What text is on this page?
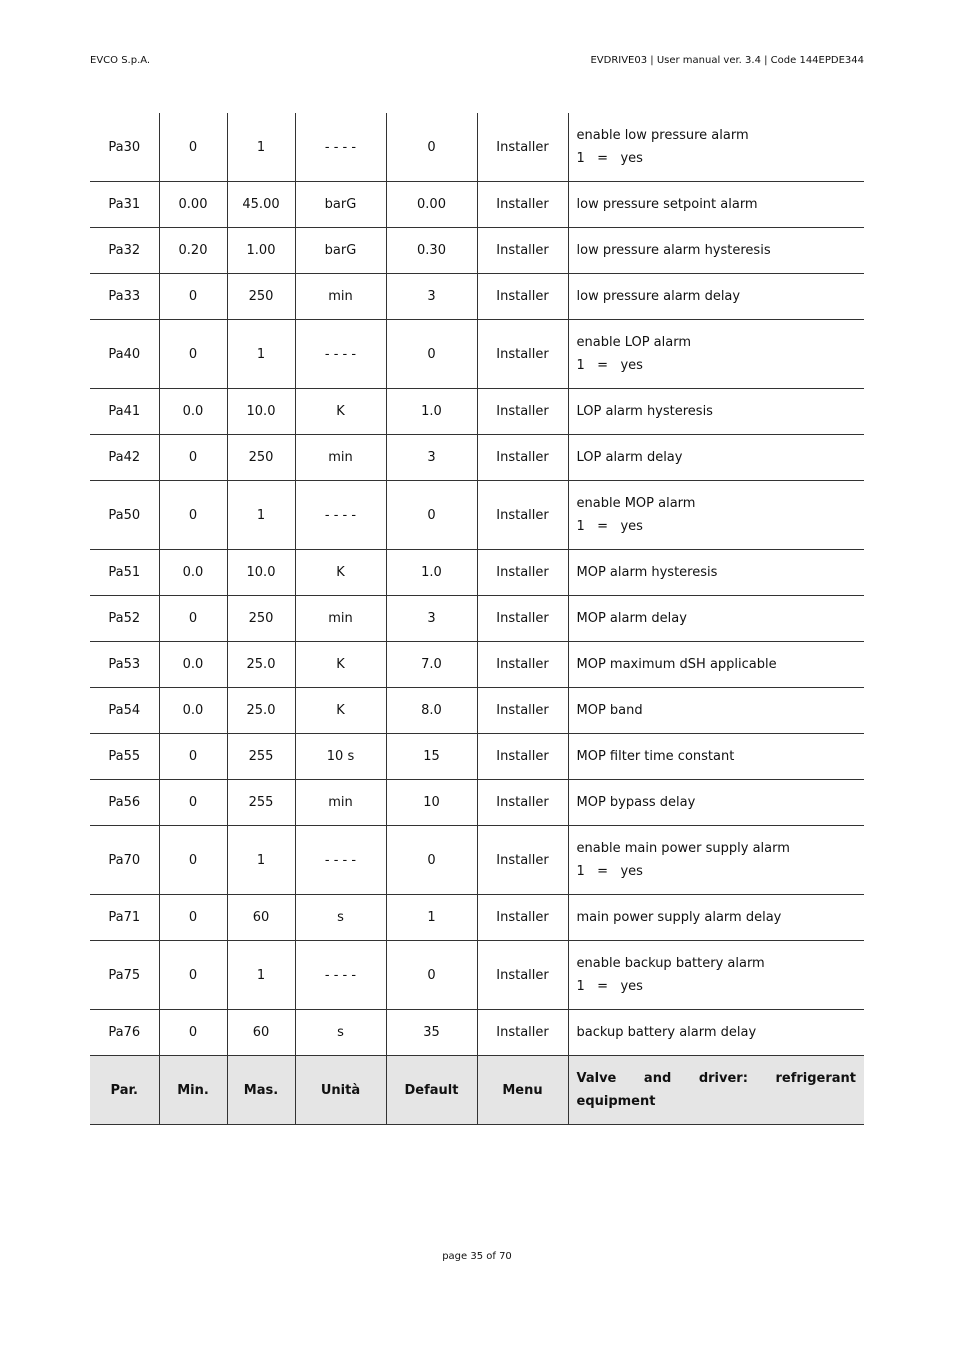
EVCO S.p.A.	EVDRIVE03 | User manual ver. 3.4 | Code 144EPDE344
Pa30	0	1	- - - -	0	Installer	enable low pressure alarm
1   =   yes

Pa31	0.00	45.00	barG	0.00	Installer	low pressure setpoint alarm

Pa32	0.20	1.00	barG	0.30	Installer	low pressure alarm hysteresis

Pa33	0	250	min	3	Installer	low pressure alarm delay

Pa40	0	1	- - - -	0	Installer	enable LOP alarm
1   =   yes

Pa41	0.0	10.0	K	1.0	Installer	LOP alarm hysteresis

Pa42	0	250	min	3	Installer	LOP alarm delay

Pa50	0	1	- - - -	0	Installer	enable MOP alarm
1   =   yes

Pa51	0.0	10.0	K	1.0	Installer	MOP alarm hysteresis

Pa52	0	250	min	3	Installer	MOP alarm delay

Pa53	0.0	25.0	K	7.0	Installer	MOP maximum dSH applicable

Pa54	0.0	25.0	K	8.0	Installer	MOP band

Pa55	0	255	10 s	15	Installer	MOP filter time constant

Pa56	0	255	min	10	Installer	MOP bypass delay

Pa70	0	1	- - - -	0	Installer	enable main power supply alarm
1   =   yes

Pa71	0	60	s	1	Installer	main power supply alarm delay

Pa75	0	1	- - - -	0	Installer	enable backup battery alarm
1   =   yes

Pa76	0	60	s	35	Installer	backup battery alarm delay

Par.	Min.	Mas.	Unità	Default	Menu	Valve and driver: refrigerant equipment
page 35 of 70
